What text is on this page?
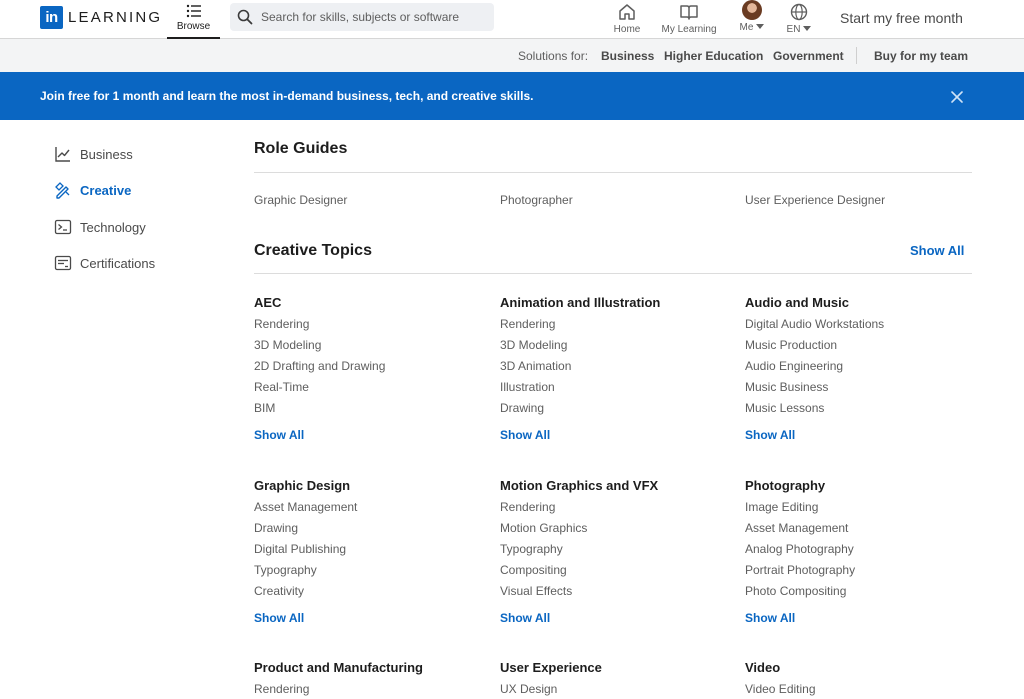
in LEARNING
Browse
Search for skills, subjects or software	Home	My Learning	Me	EN
Start my free month
Solutions for: Business Higher Education Government	Buy for my team
Join free for 1 month and learn the most in-demand business, tech, and creative skills.
Business
Creative
Technology
Certifications
Role Guides
Graphic Designer	Photographer	User Experience Designer
Creative Topics	Show All
AEC
Rendering
3D Modeling
2D Drafting and Drawing
Real-Time
BIM
Show All
Animation and Illustration
Rendering
3D Modeling
3D Animation
Illustration
Drawing
Show All
Audio and Music
Digital Audio Workstations
Music Production
Audio Engineering
Music Business
Music Lessons
Show All
Graphic Design
Asset Management
Drawing
Digital Publishing
Typography
Creativity
Show All
Motion Graphics and VFX
Rendering
Motion Graphics
Typography
Compositing
Visual Effects
Show All
Photography
Image Editing
Asset Management
Analog Photography
Portrait Photography
Photo Compositing
Show All
Product and Manufacturing
Rendering
User Experience
UX Design
Video
Video Editing
